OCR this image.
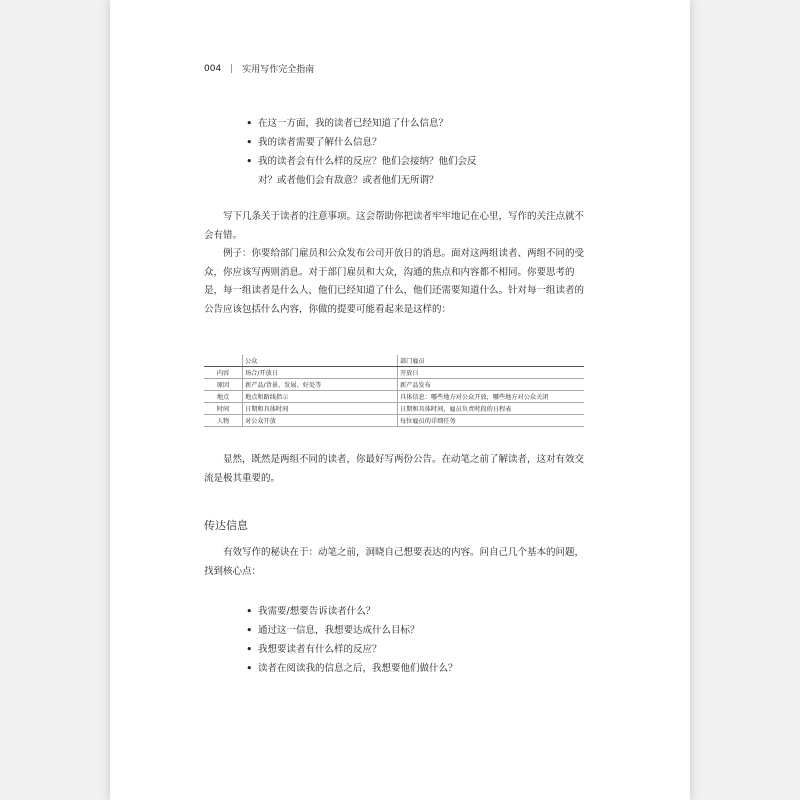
004 实用写作完全指南
• 在这一方面，我的读者已经知道了什么信息？
• 我的读者需要了解什么信息？
• 我的读者会有什么样的反应？他们会接纳？他们会反对？或者他们会有敌意？或者他们无所谓？

写下几条关于读者的注意事项。这会帮助你把读者牢牢地记在心里，写作的关注点就不会有错。

例子：你要给部门雇员和公众发布公司开放日的消息。面对这两组读者、两组不同的受众，你应该写两则消息。对于部门雇员和大众，沟通的焦点和内容都不相同。你要思考的是，每一组读者是什么人，他们已经知道了什么，他们还需要知道什么。针对每一组读者的公告应该包括什么内容，你做的提要可能看起来是这样的：

	公众	部门雇员
内容	场合/开放日	开放日
原因	新产品/背景、发展、好处等	新产品发布
地点	地点和路线指示	具体信息：哪些地方对公众开放，哪些地方对公众关闭
时间	日期和具体时间	日期和具体时间，雇员负责时段的日程表
人物	对公众开放	每位雇员的详细任务

显然，既然是两组不同的读者，你最好写两份公告。在动笔之前了解读者，这对有效交流是极其重要的。

传达信息

有效写作的秘诀在于：动笔之前，洞晓自己想要表达的内容。问自己几个基本的问题，找到核心点：

• 我需要/想要告诉读者什么？
• 通过这一信息，我想要达成什么目标？
• 我想要读者有什么样的反应？
• 读者在阅读我的信息之后，我想要他们做什么？
